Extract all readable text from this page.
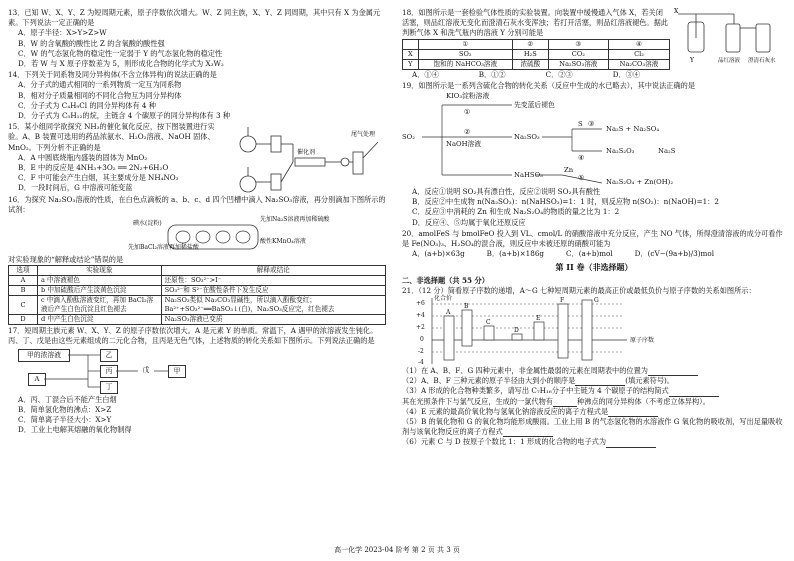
13．已知 W、X、Y、Z 为短周期元素，原子序数依次增大。W、Z 同主族，X、Y、Z 同周期，其中只有 X 为金属元素。下列说法一定正确的是
A．原子半径：X>Y>Z>W
B．W 的含氧酸的酸性比 Z 的含氧酸的酸性强
C．W 的气态氢化物的稳定性一定弱于 Y 的气态氢化物的稳定性
D．若 W 与 X 原子序数差为 5，则形成化合物的化学式为 X₃W₂
14．下列关于同系物及同分异构体(不含立体异构)的说法正确的是
A．分子式的通式相同的一系列物质一定互为同系物
B．相对分子质量相同的不同化合物互为同分异构体
C．分子式为 C₄H₉Cl 的同分异构体有 4 种
D．分子式为 C₅H₁₂的烷，主链含 4 个碳原子的同分异构体有 3 种
15．某小组同学欲探究 NH₃的催化氧化反应，按下图装置进行实验。A、B 装置可选用的药品浓氨水、H₂O₂溶液、NaOH 固体、MnO₂。下列分析不正确的是
A．A 中圆底烧瓶内盛装的固体为 MnO₂
B．E 中的反应是 4NH₃+3O₂ ══ 2N₂+6H₂O
C．F 中可能会产生白烟，其主要成分是 NH₄NO₃
D．一段时间后，G 中溶液可能变蓝
催化剂
尾气处理
16．为探究 Na₂SO₃溶液的性质，在白色点滴板的 a、b、c、d 四个凹槽中滴入 Na₂SO₃溶液，再分别滴加下图所示的试剂：
碘水(淀粉)
先加Na₂S溶液再加稀硫酸
先加BaCl₂溶液再加稀盐酸
酸性KMnO₄溶液
对实验现象的“解释或结论”错误的是
选项	实验现象	解释或结论
A	a 中溶液褪色	还原性：SO₃²⁻>I⁻
B	b 中加硫酸后产生淡黄色沉淀	SO₃²⁻和 S²⁻在酸性条件下发生反应
C	c 中滴入酚酞溶液变红，再加 BaCl₂溶液后产生白色沉淀且红色褪去	Na₂SO₃类似 Na₂CO₃显碱性，所以滴入酚酞变红；Ba²⁺+SO₃²⁻══BaSO₃↓(白)，Na₂SO₃反应完，红色褪去
D	d 中产生白色沉淀	Na₂SO₃溶液已变质
17．短周期主族元素 W、X、Y、Z 的原子序数依次增大。A 是元素 Y 的单质。常温下，A 遇甲的浓溶液发生钝化。丙、丁、戊是由这些元素组成的二元化合物，且丙是无色气体，上述物质的转化关系如下图所示。下列说法正确的是
甲的浓溶液
A
乙
丙
丁
戊	甲
A．丙、丁混合后不能产生白烟
B．简单氢化物的沸点：X>Z
C．简单离子半径大小：X>Y
D．工业上电解其熔融的氧化物制得
18．如图所示是一套检验气体性质的实验装置。向装置中缓慢通入气体 X，若关闭活塞，则品红溶液无变化而澄清石灰水变浑浊；若打开活塞，则品红溶液褪色。据此判断气体 X 和洗气瓶内的溶液 Y 分别可能是
X
Y	品红溶液 澄清石灰水
	①	②	③	④
X	SO₂	H₂S	CO₂	Cl₂
Y	饱和的 NaHCO₃溶液	浓硫酸	Na₂SO₃溶液	Na₂CO₃溶液
A．①④	B．①②	C．②③	D．③④
19．如图所示是一系列含硫化合物的转化关系（反应中生成的水已略去），其中说法正确的是
SO₂
KIO₃淀粉溶液
①
先变蓝后褪色
NaOH溶液
②
Na₂SO₃
S ③
Na₂S + Na₂SO₄
④
Na₂S₂O₃	Na₂S
NaHSO₃
Zn
⑤	Na₂S₂O₄ + Zn(OH)₂
A．反应①说明 SO₂具有漂白性，反应②说明 SO₂具有酸性
B．反应②中生成物 n(Na₂SO₃)：n(NaHSO₃)=1：1 时，则反应物 n(SO₂)：n(NaOH)=1：2
C．反应③中消耗的 Zn 和生成 Na₂S₂O₄的物质的量之比为 1：2
D．反应④、⑤均属于氧化还原反应
20．amolFeS 与 bmolFeO 投入到 VL、cmol/L 的硝酸溶液中充分反应，产生 NO 气体，所得澄清溶液的成分可看作是 Fe(NO₃)₃、H₂SO₄的混合液，则反应中未被还原的硝酸可能为
A．(a+b)×63g	B．(a+b)×186g	C．(a+b)mol	D．(cV−(9a+b)/3)mol
第 II 卷（非选择题）
二、非选择题（共 55 分）
21．（12 分）简看原子序数的递增，A～G 七种短周期元素的最高正价或最低负价与原子序数的关系如图所示：
化合价
原子序数
+6
+4
+2
0
-2
-4
A
B
C
D
E
F	G
（1）在 A、B、F、G 四种元素中，非金属性最弱的元素在周期表中的位置为
（2）A、B、F 三种元素的原子半径由大到小的顺序是	(填元素符号)。
（3）A 形成的化合物种类繁多，请写出 C₇H₁₆分子中主链为 4 个碳原子的结构简式
其在光照条件下与氯气反应，生成的一氯代物有	种沸点的同分异构体（不考虑立体异构）。
（4）E 元素的最高价氧化物与氢氧化钠溶液反应的离子方程式是
（5）B 的氧化物和 G 的氧化物均能形成酸雨。工业上用 B 的气态氢化物的水溶液作 G 氧化物的吸收剂，写出足量吸收剂与该氧化物反应的离子方程式
（6）元素 C 与 D 按原子个数比 1：1 形成的化合物的电子式为
高一化学 2023-04 阶考 第 2 页 共 3 页
